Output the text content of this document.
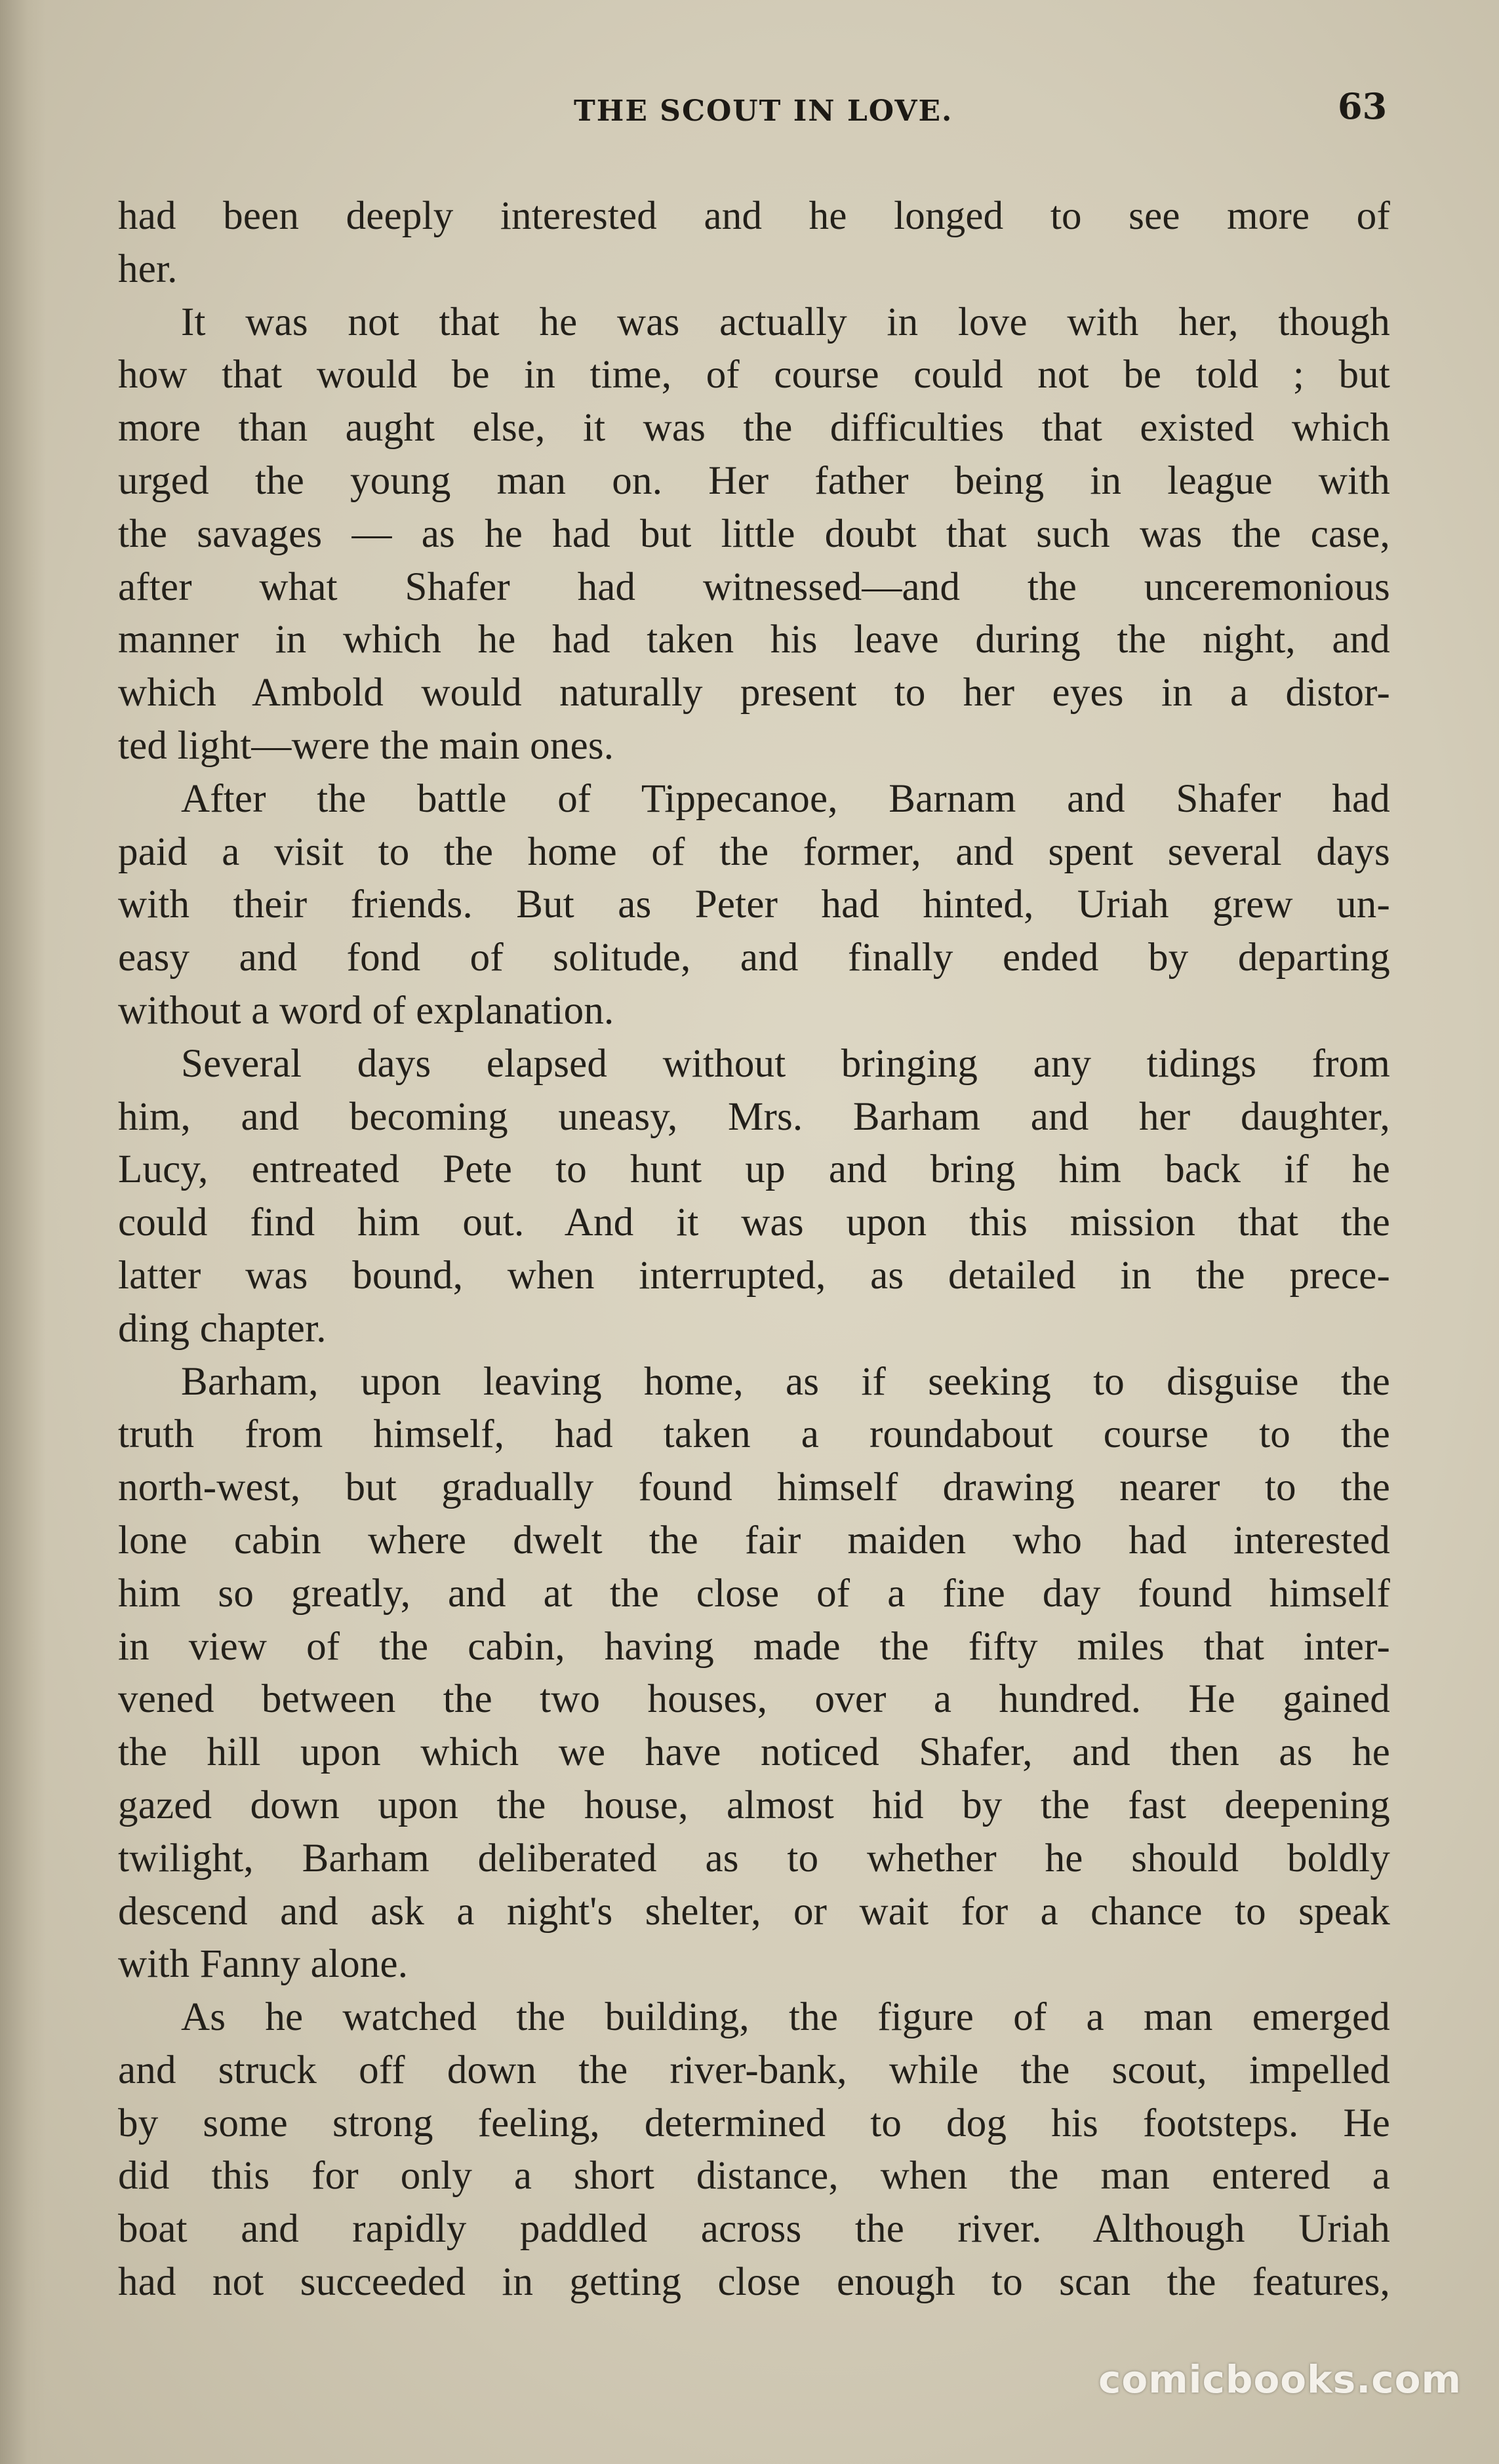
THE SCOUT IN LOVE.	63
had been deeply interested and he longed to see more of
her.
It was not that he was actually in love with her, though
how that would be in time, of course could not be told ; but
more than aught else, it was the difficulties that existed which
urged the young man on. Her father being in league with
the savages — as he had but little doubt that such was the case,
after what Shafer had witnessed—and the unceremonious
manner in which he had taken his leave during the night, and
which Ambold would naturally present to her eyes in a distor-
ted light—were the main ones.
After the battle of Tippecanoe, Barnam and Shafer had
paid a visit to the home of the former, and spent several days
with their friends. But as Peter had hinted, Uriah grew un-
easy and fond of solitude, and finally ended by departing
without a word of explanation.
Several days elapsed without bringing any tidings from
him, and becoming uneasy, Mrs. Barham and her daughter,
Lucy, entreated Pete to hunt up and bring him back if he
could find him out. And it was upon this mission that the
latter was bound, when interrupted, as detailed in the prece-
ding chapter.
Barham, upon leaving home, as if seeking to disguise the
truth from himself, had taken a roundabout course to the
north-west, but gradually found himself drawing nearer to the
lone cabin where dwelt the fair maiden who had interested
him so greatly, and at the close of a fine day found himself
in view of the cabin, having made the fifty miles that inter-
vened between the two houses, over a hundred. He gained
the hill upon which we have noticed Shafer, and then as he
gazed down upon the house, almost hid by the fast deepening
twilight, Barham deliberated as to whether he should boldly
descend and ask a night's shelter, or wait for a chance to speak
with Fanny alone.
As he watched the building, the figure of a man emerged
and struck off down the river-bank, while the scout, impelled
by some strong feeling, determined to dog his footsteps. He
did this for only a short distance, when the man entered a
boat and rapidly paddled across the river. Although Uriah
had not succeeded in getting close enough to scan the features,
comicbooks.com
